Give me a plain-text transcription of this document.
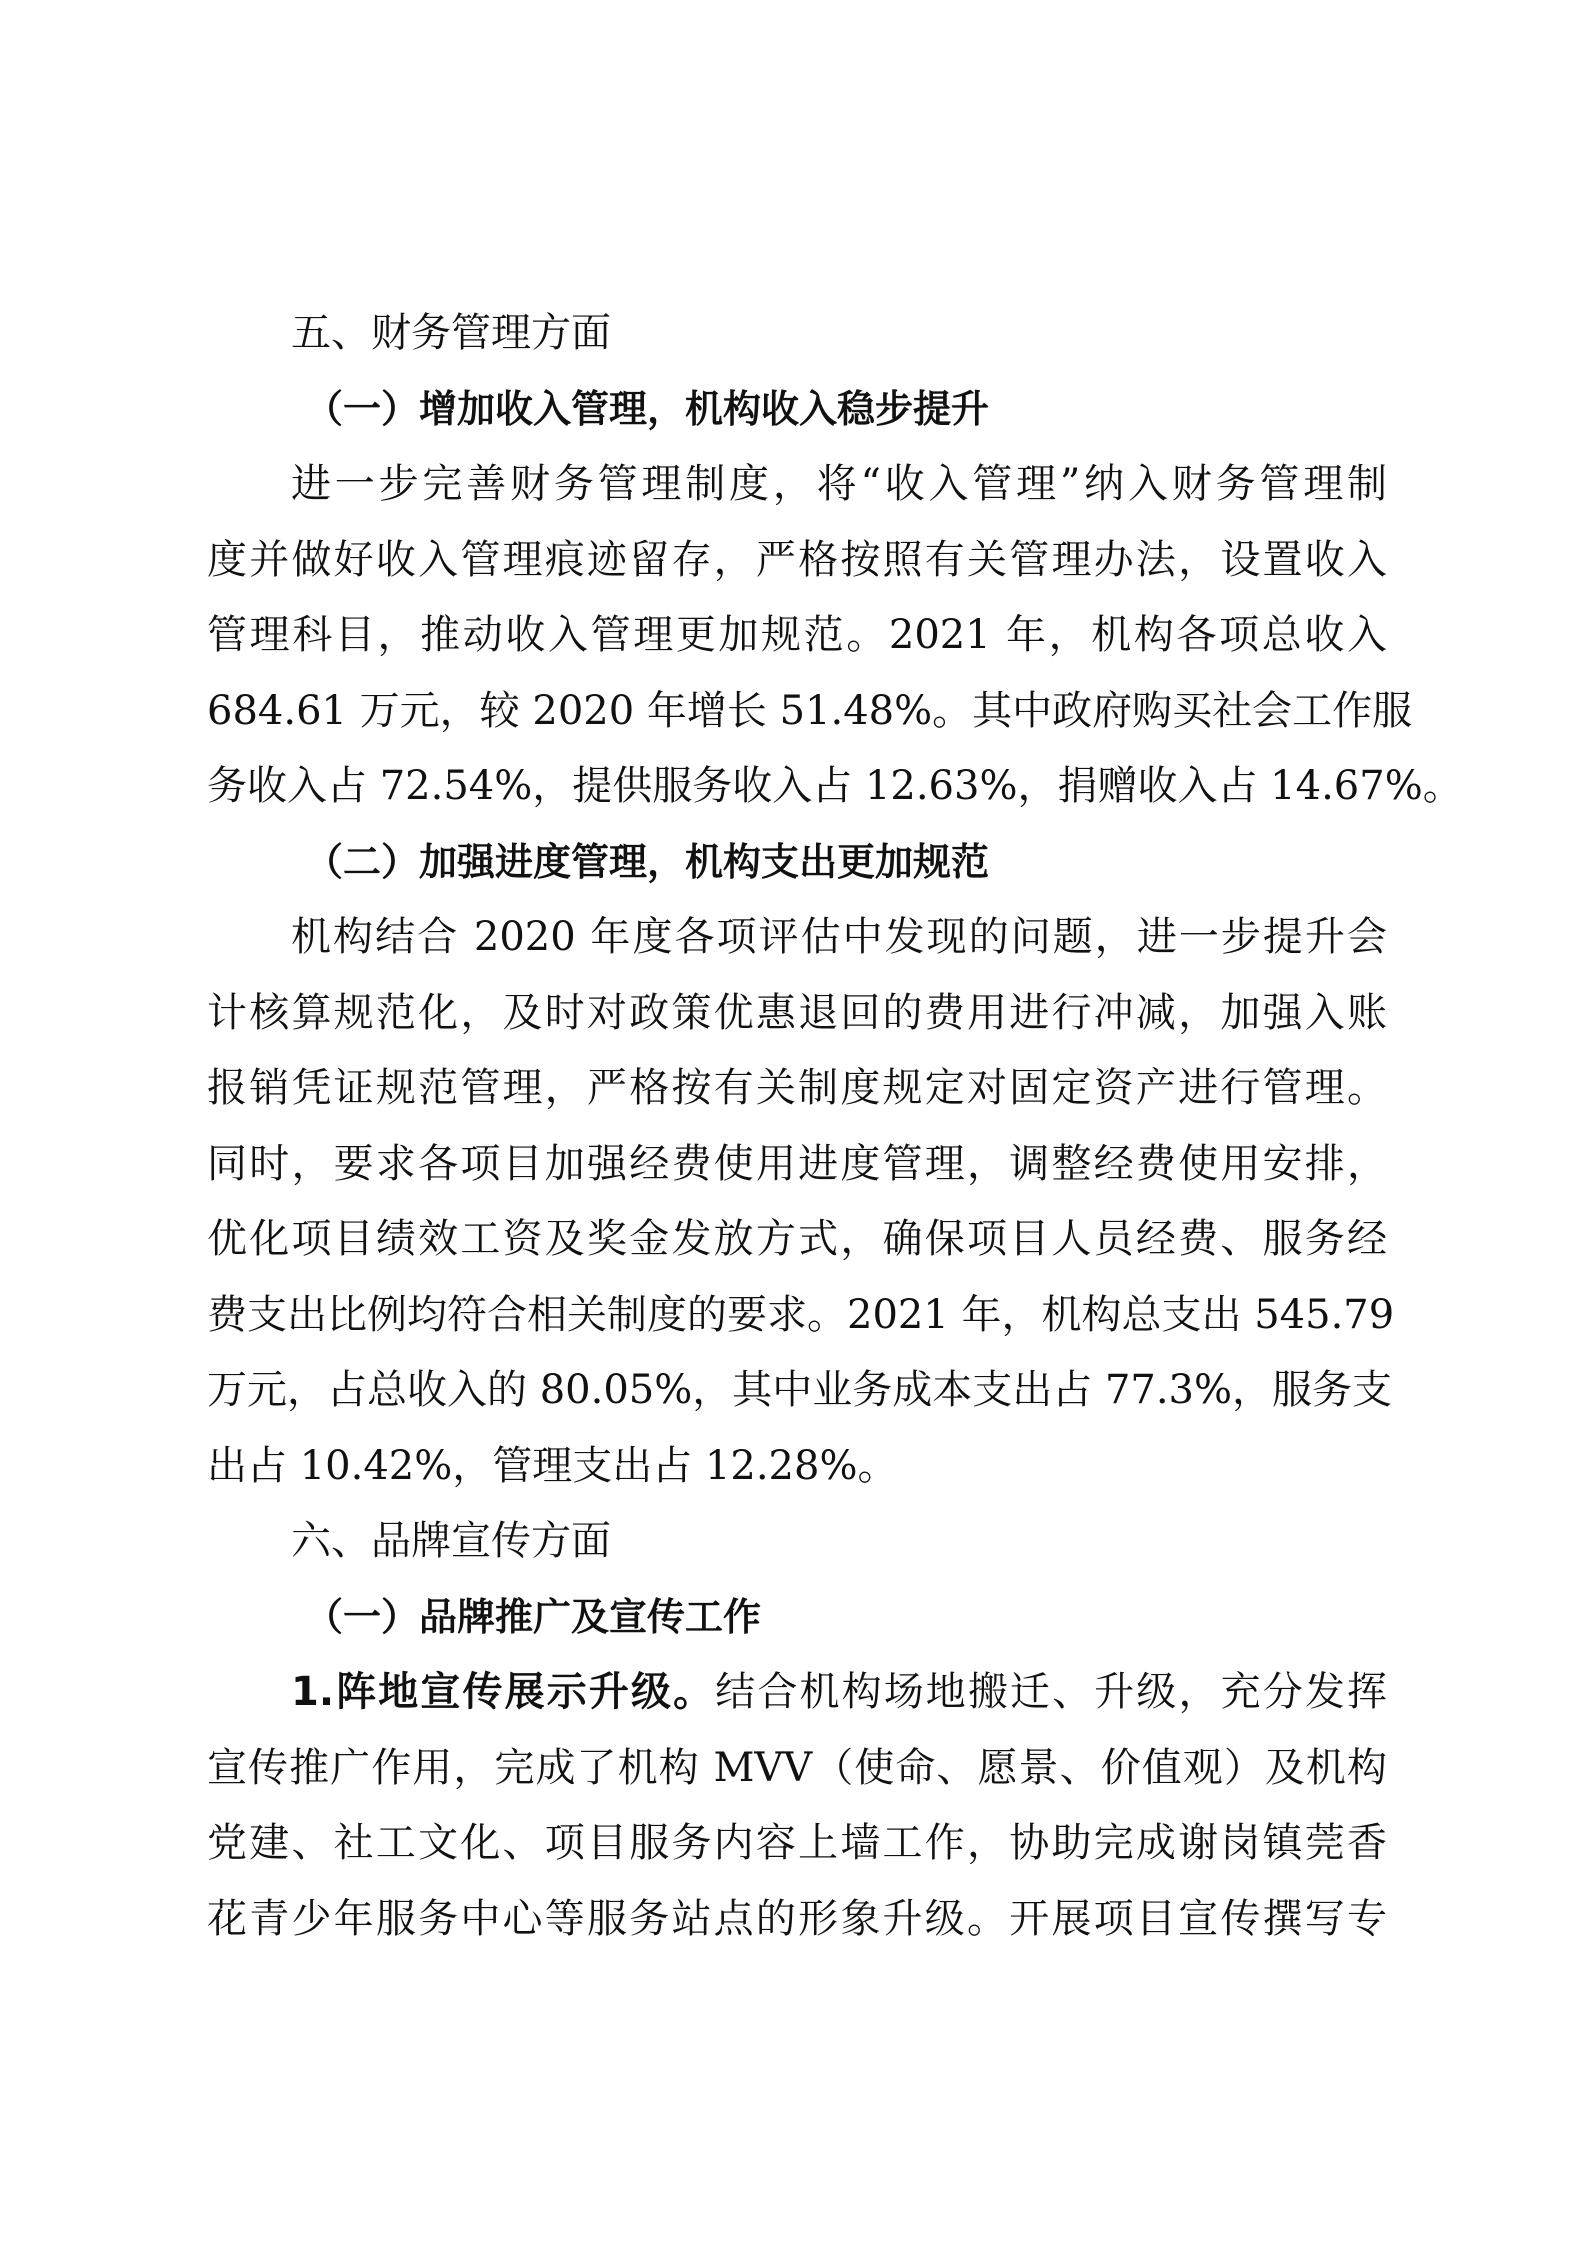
五、财务管理方面
（一）增加收入管理，机构收入稳步提升
进一步完善财务管理制度，将“收入管理”纳入财务管理制
度并做好收入管理痕迹留存，严格按照有关管理办法，设置收入
管理科目，推动收入管理更加规范。2021 年，机构各项总收入
684.61 万元，较 2020 年增长 51.48%。其中政府购买社会工作服
务收入占 72.54%，提供服务收入占 12.63%，捐赠收入占 14.67%。
（二）加强进度管理，机构支出更加规范
机构结合 2020 年度各项评估中发现的问题，进一步提升会
计核算规范化，及时对政策优惠退回的费用进行冲减，加强入账
报销凭证规范管理，严格按有关制度规定对固定资产进行管理。
同时，要求各项目加强经费使用进度管理，调整经费使用安排，
优化项目绩效工资及奖金发放方式，确保项目人员经费、服务经
费支出比例均符合相关制度的要求。2021 年，机构总支出 545.79
万元，占总收入的 80.05%，其中业务成本支出占 77.3%，服务支
出占 10.42%，管理支出占 12.28%。
六、品牌宣传方面
（一）品牌推广及宣传工作
1.阵地宣传展示升级。结合机构场地搬迁、升级，充分发挥
宣传推广作用，完成了机构 MVV（使命、愿景、价值观）及机构
党建、社工文化、项目服务内容上墙工作，协助完成谢岗镇莞香
花青少年服务中心等服务站点的形象升级。开展项目宣传撰写专
